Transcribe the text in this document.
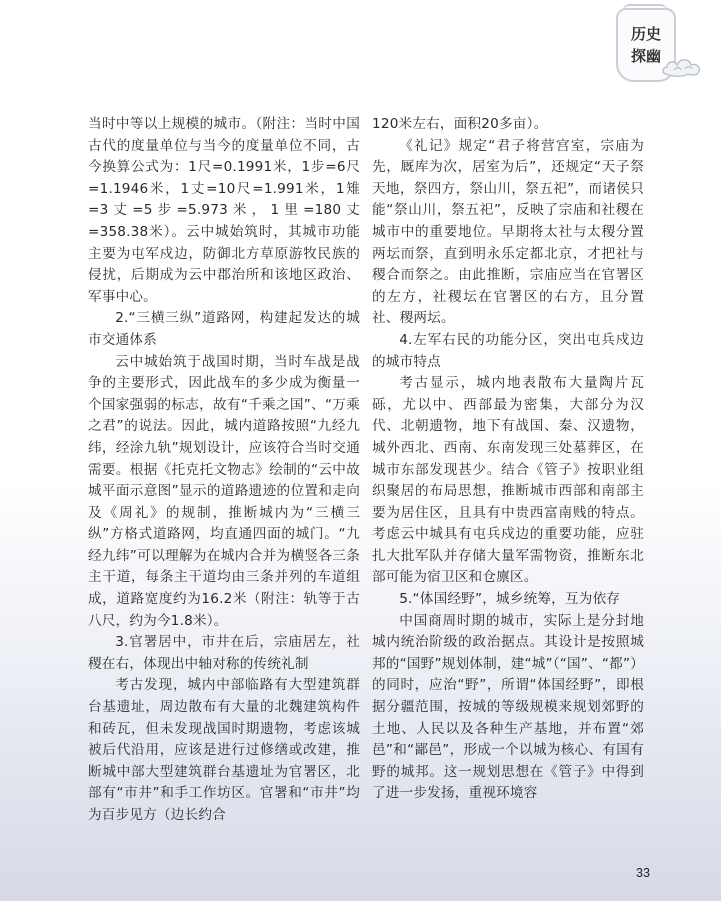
历史
探幽

当时中等以上规模的城市。（附注：当时中国古代的度量单位与当今的度量单位不同，古今换算公式为：1尺=0.1991米，1步=6尺=1.1946米，1丈=10尺=1.991米，1雉=3丈=5步=5.973米，1里=180丈=358.38米）。云中城始筑时，其城市功能主要为屯军戍边，防御北方草原游牧民族的侵扰，后期成为云中郡治所和该地区政治、军事中心。

2.“三横三纵”道路网，构建起发达的城市交通体系

云中城始筑于战国时期，当时车战是战争的主要形式，因此战车的多少成为衡量一个国家强弱的标志，故有“千乘之国”、“万乘之君”的说法。因此，城内道路按照“九经九纬，经涂九轨”规划设计，应该符合当时交通需要。根据《托克托文物志》绘制的“云中故城平面示意图”显示的道路遗迹的位置和走向及《周礼》的规制，推断城内为“三横三纵”方格式道路网，均直通四面的城门。“九经九纬”可以理解为在城内合并为横竖各三条主干道，每条主干道均由三条并列的车道组成，道路宽度约为16.2米（附注：轨等于古八尺，约为今1.8米）。

3.官署居中，市井在后，宗庙居左，社稷在右，体现出中轴对称的传统礼制

考古发现，城内中部临路有大型建筑群台基遗址，周边散布有大量的北魏建筑构件和砖瓦，但未发现战国时期遗物，考虑该城被后代沿用，应该是进行过修缮或改建，推断城中部大型建筑群台基遗址为官署区，北部有“市井”和手工作坊区。官署和“市井”均为百步见方（边长约合

120米左右，面积20多亩）。

《礼记》规定“君子将营宫室，宗庙为先，厩库为次，居室为后”，还规定“天子祭天地，祭四方，祭山川，祭五祀”，而诸侯只能“祭山川，祭五祀”，反映了宗庙和社稷在城市中的重要地位。早期将太社与太稷分置两坛而祭，直到明永乐定都北京，才把社与稷合而祭之。由此推断，宗庙应当在官署区的左方，社稷坛在官署区的右方，且分置社、稷两坛。

4.左军右民的功能分区，突出屯兵戍边的城市特点

考古显示，城内地表散布大量陶片瓦砾，尤以中、西部最为密集，大部分为汉代、北朝遗物，地下有战国、秦、汉遗物，城外西北、西南、东南发现三处墓葬区，在城市东部发现甚少。结合《管子》按职业组织聚居的布局思想，推断城市西部和南部主要为居住区，且具有中贵西富南贱的特点。考虑云中城具有屯兵戍边的重要功能，应驻扎大批军队并存储大量军需物资，推断东北部可能为宿卫区和仓廪区。

5.“体国经野”，城乡统筹，互为依存

中国商周时期的城市，实际上是分封地城内统治阶级的政治据点。其设计是按照城邦的“国野”规划体制，建“城”（“国”、“都”）的同时，应治“野”，所谓“体国经野”，即根据分疆范围，按城的等级规模来规划郊野的土地、人民以及各种生产基地，并布置“郊邑”和“鄙邑”，形成一个以城为核心、有国有野的城邦。这一规划思想在《管子》中得到了进一步发扬，重视环境容

33
